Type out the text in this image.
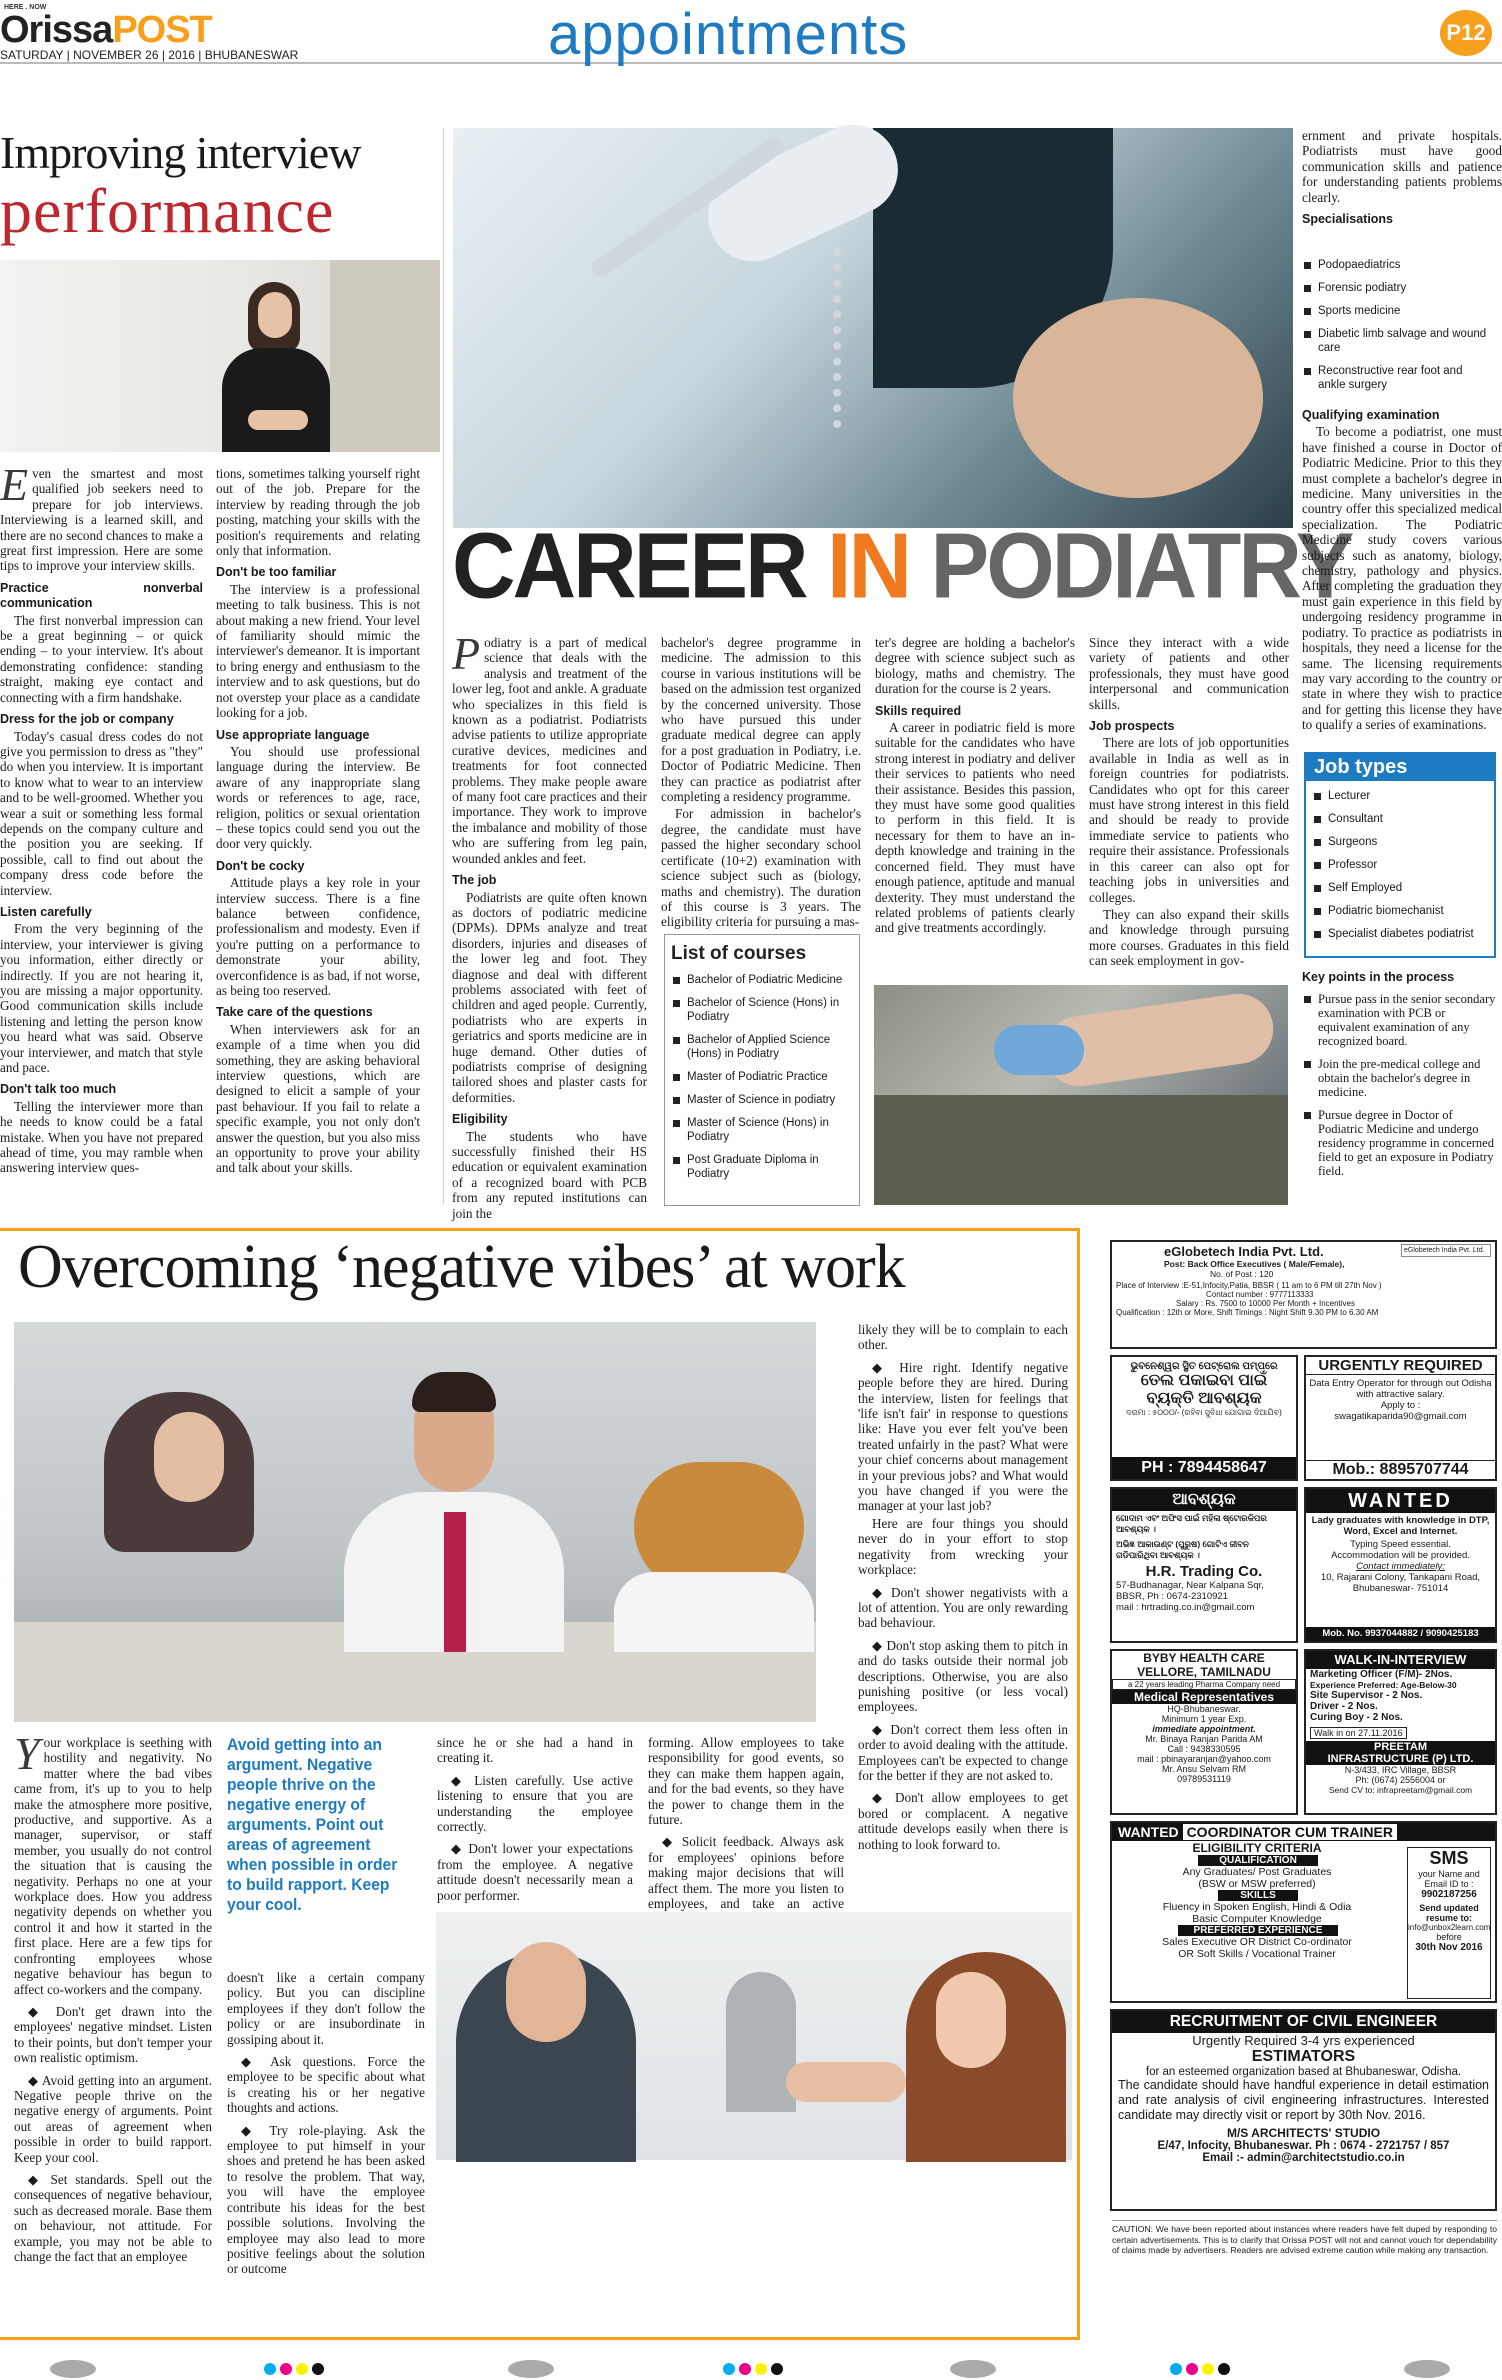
HERE . NOW
OrissaPOST
SATURDAY | NOVEMBER 26 | 2016 | BHUBANESWAR	appointments	P12
Improving interview
performance

Even the smartest and most qualified job seekers need to prepare for job interviews. Interviewing is a learned skill, and there are no second chances to make a great first impression. Here are some tips to improve your interview skills.

Practice nonverbal communication

The first nonverbal impression can be a great beginning – or quick ending – to your interview. It's about demonstrating confidence: standing straight, making eye contact and connecting with a firm handshake.

Dress for the job or company

Today's casual dress codes do not give you permission to dress as "they" do when you interview. It is important to know what to wear to an interview and to be well-groomed. Whether you wear a suit or something less formal depends on the company culture and the position you are seeking. If possible, call to find out about the company dress code before the interview.

Listen carefully

From the very beginning of the interview, your interviewer is giving you information, either directly or indirectly. If you are not hearing it, you are missing a major opportunity. Good communication skills include listening and letting the person know you heard what was said. Observe your interviewer, and match that style and pace.

Don't talk too much

Telling the interviewer more than he needs to know could be a fatal mistake. When you have not prepared ahead of time, you may ramble when answering interview ques-

tions, sometimes talking yourself right out of the job. Prepare for the interview by reading through the job posting, matching your skills with the position's requirements and relating only that information.

Don't be too familiar

The interview is a professional meeting to talk business. This is not about making a new friend. Your level of familiarity should mimic the interviewer's demeanor. It is important to bring energy and enthusiasm to the interview and to ask questions, but do not overstep your place as a candidate looking for a job.

Use appropriate language

You should use professional language during the interview. Be aware of any inappropriate slang words or references to age, race, religion, politics or sexual orientation – these topics could send you out the door very quickly.

Don't be cocky

Attitude plays a key role in your interview success. There is a fine balance between confidence, professionalism and modesty. Even if you're putting on a performance to demonstrate your ability, overconfidence is as bad, if not worse, as being too reserved.

Take care of the questions

When interviewers ask for an example of a time when you did something, they are asking behavioral interview questions, which are designed to elicit a sample of your past behaviour. If you fail to relate a specific example, you not only don't answer the question, but you also miss an opportunity to prove your ability and talk about your skills.

CAREER IN PODIATRY

Podiatry is a part of medical science that deals with the analysis and treatment of the lower leg, foot and ankle. A graduate who specializes in this field is known as a podiatrist. Podiatrists advise patients to utilize appropriate curative devices, medicines and treatments for foot connected problems. They make people aware of many foot care practices and their importance. They work to improve the imbalance and mobility of those who are suffering from leg pain, wounded ankles and feet.

The job

Podiatrists are quite often known as doctors of podiatric medicine (DPMs). DPMs analyze and treat disorders, injuries and diseases of the lower leg and foot. They diagnose and deal with different problems associated with feet of children and aged people. Currently, podiatrists who are experts in geriatrics and sports medicine are in huge demand. Other duties of podiatrists comprise of designing tailored shoes and plaster casts for deformities.

Eligibility

The students who have successfully finished their HS education or equivalent examination of a recognized board with PCB from any reputed institutions can join the

bachelor's degree programme in medicine. The admission to this course in various institutions will be based on the admission test organized by the concerned university. Those who have pursued this under graduate medical degree can apply for a post graduation in Podiatry, i.e. Doctor of Podiatric Medicine. Then they can practice as podiatrist after completing a residency programme.

For admission in bachelor's degree, the candidate must have passed the higher secondary school certificate (10+2) examination with science subject such as (biology, maths and chemistry). The duration of this course is 3 years. The eligibility criteria for pursuing a mas-

List of courses
Bachelor of Podiatric Medicine
Bachelor of Science (Hons) in Podiatry
Bachelor of Applied Science (Hons) in Podiatry
Master of Podiatric Practice
Master of Science in podiatry
Master of Science (Hons) in Podiatry
Post Graduate Diploma in Podiatry

ter's degree are holding a bachelor's degree with science subject such as biology, maths and chemistry. The duration for the course is 2 years.

Skills required

A career in podiatric field is more suitable for the candidates who have strong interest in podiatry and deliver their services to patients who need their assistance. Besides this passion, they must have some good qualities to perform in this field. It is necessary for them to have an in-depth knowledge and training in the concerned field. They must have enough patience, aptitude and manual dexterity. They must understand the related problems of patients clearly and give treatments accordingly.

Since they interact with a wide variety of patients and other professionals, they must have good interpersonal and communication skills.

Job prospects

There are lots of job opportunities available in India as well as in foreign countries for podiatrists. Candidates who opt for this career must have strong interest in this field and should be ready to provide immediate service to patients who require their assistance. Professionals in this career can also opt for teaching jobs in universities and colleges.

They can also expand their skills and knowledge through pursuing more courses. Graduates in this field can seek employment in gov-

ernment and private hospitals. Podiatrists must have good communication skills and patience for understanding patients problems clearly.

Specialisations
Podopaediatrics
Forensic podiatry
Sports medicine
Diabetic limb salvage and wound care
Reconstructive rear foot and ankle surgery
Qualifying examination

To become a podiatrist, one must have finished a course in Doctor of Podiatric Medicine. Prior to this they must complete a bachelor's degree in medicine. Many universities in the country offer this specialized medical specialization. The Podiatric Medicine study covers various subjects such as anatomy, biology, chemistry, pathology and physics. After completing the graduation they must gain experience in this field by undergoing residency programme in podiatry. To practice as podiatrists in hospitals, they need a license for the same. The licensing requirements may vary according to the country or state in where they wish to practice and for getting this license they have to qualify a series of examinations.

Job types
Lecturer
Consultant
Surgeons
Professor
Self Employed
Podiatric biomechanist
Specialist diabetes podiatrist
Key points in the process
Pursue pass in the senior secondary examination with PCB or equivalent examination of any recognized board.
Join the pre-medical college and obtain the bachelor's degree in medicine.
Pursue degree in Doctor of Podiatric Medicine and undergo residency programme in concerned field to get an exposure in Podiatry field.
Overcoming ‘negative vibes’ at work

Your workplace is seething with hostility and negativity. No matter where the bad vibes came from, it's up to you to help make the atmosphere more positive, productive, and supportive. As a manager, supervisor, or staff member, you usually do not control the situation that is causing the negativity. Perhaps no one at your workplace does. How you address negativity depends on whether you control it and how it started in the first place. Here are a few tips for confronting employees whose negative behaviour has begun to affect co-workers and the company.

◆ Don't get drawn into the employees' negative mindset. Listen to their points, but don't temper your own realistic optimism.

◆ Avoid getting into an argument. Negative people thrive on the negative energy of arguments. Point out areas of agreement when possible in order to build rapport. Keep your cool.

◆ Set standards. Spell out the consequences of negative behaviour, such as decreased morale. Base them on behaviour, not attitude. For example, you may not be able to change the fact that an employee

Avoid getting into an argument. Negative people thrive on the negative energy of arguments. Point out areas of agreement when possible in order to build rapport. Keep your cool.

since he or she had a hand in creating it.

◆ Listen carefully. Use active listening to ensure that you are understanding the employee correctly.

◆ Don't lower your expectations from the employee. A negative attitude doesn't necessarily mean a poor performer.

forming. Allow employees to take responsibility for good events, so they can make them happen again, and for the bad events, so they have the power to change them in the future.

◆ Solicit feedback. Always ask for employees' opinions before making major decisions that will affect them. The more you listen to employees, and take an active

doesn't like a certain company policy. But you can discipline employees if they don't follow the policy or are insubordinate in gossiping about it.

◆ Ask questions. Force the employee to be specific about what is creating his or her negative thoughts and actions.

◆ Try role-playing. Ask the employee to put himself in your shoes and pretend he has been asked to resolve the problem. That way, you will have the employee contribute his ideas for the best possible solutions. Involving the employee may also lead to more positive feelings about the solution or outcome

likely they will be to complain to each other.

◆ Hire right. Identify negative people before they are hired. During the interview, listen for feelings that 'life isn't fair' in response to questions like: Have you ever felt you've been treated unfairly in the past? What were your chief concerns about management in your previous jobs? and What would you have changed if you were the manager at your last job?

Here are four things you should never do in your effort to stop negativity from wrecking your workplace:

◆ Don't shower negativists with a lot of attention. You are only rewarding bad behaviour.

◆ Don't stop asking them to pitch in and do tasks outside their normal job descriptions. Otherwise, you are also punishing positive (or less vocal) employees.

◆ Don't correct them less often in order to avoid dealing with the attitude. Employees can't be expected to change for the better if they are not asked to.

◆ Don't allow employees to get bored or complacent. A negative attitude develops easily when there is nothing to look forward to.

eGlobetech India Pvt. Ltd.
Post: Back Office Executives ( Male/Female),
No. of Post : 120
eGlobetech India Pvt. Ltd.
Place of Interview :E-51,Infocity,Patia, BBSR ( 11 am to 6 PM till 27th Nov )
Contact number : 9777113333
Salary : Rs. 7500 to 10000 Per Month + Incentives
Qualification : 12th or More, Shift Timings : Night Shift 9.30 PM to 6.30 AM
ଭୁବନେଶ୍ୱର ସ୍ଥିତ ପେଟ୍ରୋଲ ପମ୍ପରେ
ତେଲ ପକାଇବା ପାଇଁ
ବ୍ୟକ୍ତି ଆବଶ୍ୟକ
ଦରମା : ୫୦୦୦/- (ରହିବା ସୁବିଧା ଯୋଗାଇ ଦିଆଯିବ)
PH : 7894458647
URGENTLY REQUIRED
Data Entry Operator for through out Odisha with attractive salary.
Apply to :
swagatikaparida90@gmail.com
Mob.: 8895707744
ଆବଶ୍ୟକ
ଗୋଦାମ ଏବଂ ଅଫିସ ପାଇଁ ମହିଳା ଷ୍ଟୋରକିପର ଆବଶ୍ୟକ ।
ଅଭିଜ୍ଞ ଆକାଉଣ୍ଟ (ପୁରୁଷ) ଗୋଟିଏ ଜୀବନ ଗଡିପାରିଥିବା ଆବଶ୍ୟକ ।
H.R. Trading Co.
57-Budhanagar, Near Kalpana Sqr, BBSR, Ph : 0674-2310921
mail : hrtrading.co.in@gmail.com
WANTED
Lady graduates with knowledge in DTP, Word, Excel and Internet.
Typing Speed essential.
Accommodation will be provided.
Contact immediately:
10, Rajarani Colony, Tankapani Road, Bhubaneswar- 751014
Mob. No. 9937044882 / 9090425183
BYBY HEALTH CARE
VELLORE, TAMILNADU
a 22 years leading Pharma Company need
Medical Representatives
HQ-Bhubaneswar.
Minimum 1 year Exp.
immediate appointment.
Mr. Binaya Ranjan Parida AM
Call : 9438330595
mail : pbinayaranjan@yahoo.com
Mr. Ansu Selvam RM
09789531119
WALK-IN-INTERVIEW
Marketing Officer (F/M)- 2Nos.
Experience Preferred: Age-Below-30
Site Supervisor - 2 Nos.
Driver - 2 Nos.
Curing Boy - 2 Nos.
Walk in on 27.11.2016
PREETAM
INFRASTRUCTURE (P) LTD.
N-3/433, IRC Village, BBSR
Ph: (0674) 2556004 or
Send CV to: infrapreetam@gmail.com
WANTED COORDINATOR CUM TRAINER
ELIGIBILITY CRITERIA
QUALIFICATION
Any Graduates/ Post Graduates
(BSW or MSW preferred)
SKILLS
Fluency in Spoken English, Hindi & Odia
Basic Computer Knowledge
PREFERRED EXPERIENCE
Sales Executive OR District Co-ordinator
OR Soft Skills / Vocational Trainer
SMS
your Name and Email ID to :
9902187256
Send updated resume to:
info@unbox2learn.com
before
30th Nov 2016
RECRUITMENT OF CIVIL ENGINEER
Urgently Required 3-4 yrs experienced
ESTIMATORS
for an esteemed organization based at Bhubaneswar, Odisha.
The candidate should have handful experience in detail estimation and rate analysis of civil engineering infrastructures. Interested candidate may directly visit or report by 30th Nov. 2016.
M/S ARCHITECTS' STUDIO
E/47, Infocity, Bhubaneswar. Ph : 0674 - 2721757 / 857
Email :- admin@architectstudio.co.in
CAUTION: We have been reported about instances where readers have felt duped by responding to certain advertisements. This is to clarify that Orissa POST will not and cannot vouch for dependability of claims made by advertisers. Readers are advised extreme caution while making any transaction.
